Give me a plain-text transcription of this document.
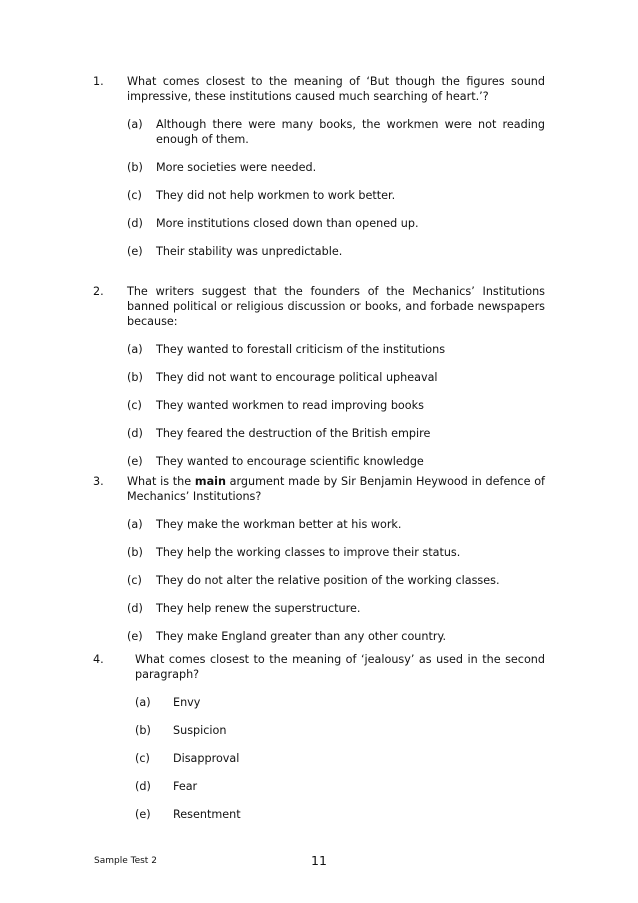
1. What comes closest to the meaning of ‘But though the figures sound impressive, these institutions caused much searching of heart.’?
(a) Although there were many books, the workmen were not reading enough of them.
(b) More societies were needed.
(c) They did not help workmen to work better.
(d) More institutions closed down than opened up.
(e) Their stability was unpredictable.
2. The writers suggest that the founders of the Mechanics’ Institutions banned political or religious discussion or books, and forbade newspapers because:
(a) They wanted to forestall criticism of the institutions
(b) They did not want to encourage political upheaval
(c) They wanted workmen to read improving books
(d) They feared the destruction of the British empire
(e) They wanted to encourage scientific knowledge
3. What is the main argument made by Sir Benjamin Heywood in defence of Mechanics’ Institutions?
(a) They make the workman better at his work.
(b) They help the working classes to improve their status.
(c) They do not alter the relative position of the working classes.
(d) They help renew the superstructure.
(e) They make England greater than any other country.
4.	What comes closest to the meaning of ‘jealousy’ as used in the second paragraph?
(a) Envy
(b) Suspicion
(c) Disapproval
(d) Fear
(e) Resentment
Sample Test 2	11
